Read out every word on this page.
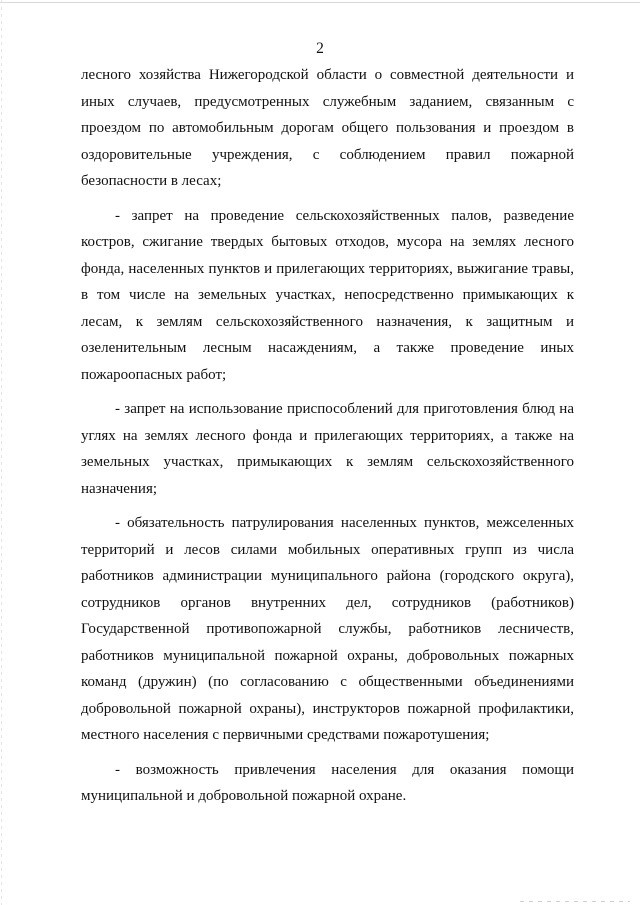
2

лесного хозяйства Нижегородской области о совместной деятельности и иных случаев, предусмотренных служебным заданием, связанным с проездом по автомобильным дорогам общего пользования и проездом в оздоровительные учреждения, с соблюдением правил пожарной безопасности в лесах;

- запрет на проведение сельскохозяйственных палов, разведение костров, сжигание твердых бытовых отходов, мусора на землях лесного фонда, населенных пунктов и прилегающих территориях, выжигание травы, в том числе на земельных участках, непосредственно примыкающих к лесам, к землям сельскохозяйственного назначения, к защитным и озеленительным лесным насаждениям, а также проведение иных пожароопасных работ;

- запрет на использование приспособлений для приготовления блюд на углях на землях лесного фонда и прилегающих территориях, а также на земельных участках, примыкающих к землям сельскохозяйственного назначения;

- обязательность патрулирования населенных пунктов, межселенных территорий и лесов силами мобильных оперативных групп из числа работников администрации муниципального района (городского округа), сотрудников органов внутренних дел, сотрудников (работников) Государственной противопожарной службы, работников лесничеств, работников муниципальной пожарной охраны, добровольных пожарных команд (дружин) (по согласованию с общественными объединениями добровольной пожарной охраны), инструкторов пожарной профилактики, местного населения с первичными средствами пожаротушения;

- возможность привлечения населения для оказания помощи муниципальной и добровольной пожарной охране.
